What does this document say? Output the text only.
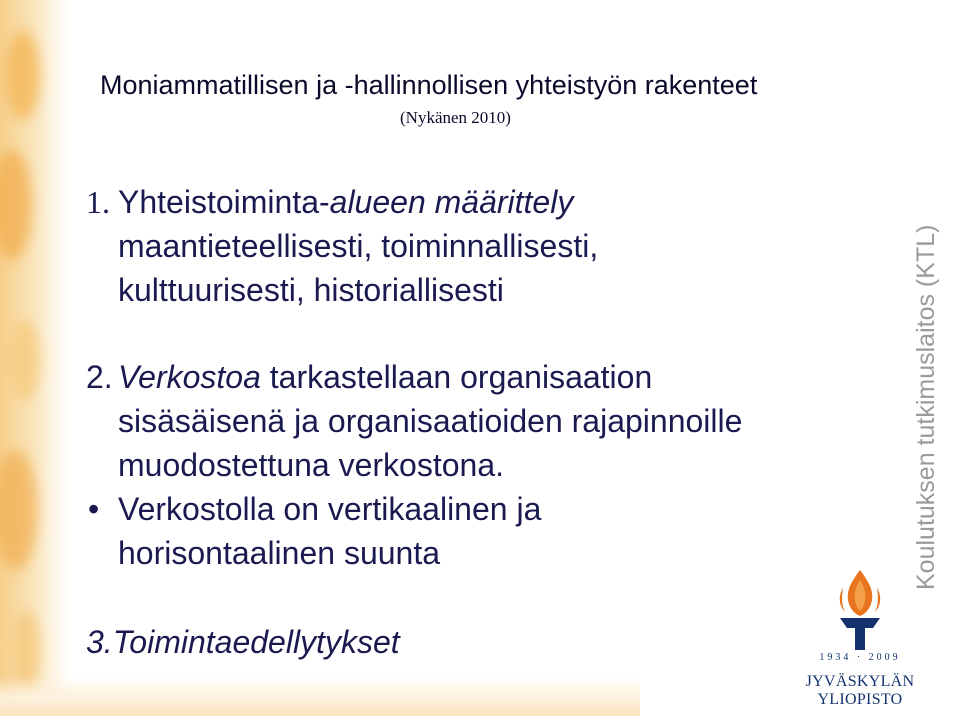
Moniammatillisen ja -hallinnollisen yhteistyön rakenteet
(Nykänen 2010)
1. Yhteistoiminta-alueen määrittely
maantieteellisesti, toiminnallisesti,
kulttuurisesti, historiallisesti
2. Verkostoa tarkastellaan organisaation
sisäsäisenä ja organisaatioiden rajapinnoille
muodostettuna verkostona.
• Verkostolla on vertikaalinen ja
horisontaalinen suunta
3.Toimintaedellytykset
Koulutuksen tutkimuslaitos (KTL)
1934 · 2009
JYVÄSKYLÄN YLIOPISTO
